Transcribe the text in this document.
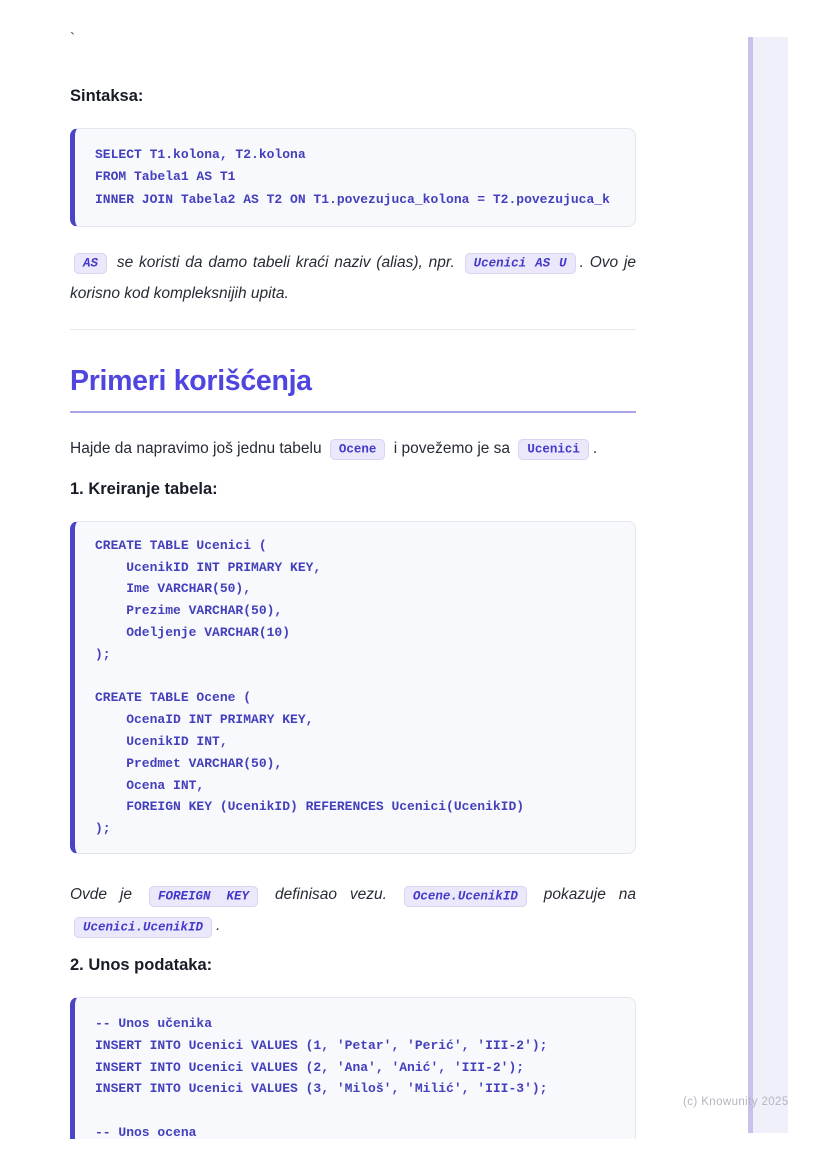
(c) Knowunity 2025
`
Sintaksa:
SELECT T1.kolona, T2.kolona
FROM Tabela1 AS T1
INNER JOIN Tabela2 AS T2 ON T1.povezujuca_kolona = T2.povezujuca_k
AS se koristi da damo tabeli kraći naziv (alias), npr. Ucenici AS U . Ovo je korisno kod kompleksnijih upita.
Primeri korišćenja
Hajde da napravimo još jednu tabelu Ocene i povežemo je sa Ucenici .
1. Kreiranje tabela:
CREATE TABLE Ucenici (
UcenikID INT PRIMARY KEY,
Ime VARCHAR(50),
Prezime VARCHAR(50),
Odeljenje VARCHAR(10)
);

CREATE TABLE Ocene (
OcenaID INT PRIMARY KEY,
UcenikID INT,
Predmet VARCHAR(50),
Ocena INT,
FOREIGN KEY (UcenikID) REFERENCES Ucenici(UcenikID)
);
Ovde je FOREIGN KEY definisao vezu. Ocene.UcenikID pokazuje na Ucenici.UcenikID .
2. Unos podataka:
-- Unos učenika
INSERT INTO Ucenici VALUES (1, 'Petar', 'Perić', 'III-2');
INSERT INTO Ucenici VALUES (2, 'Ana', 'Anić', 'III-2');
INSERT INTO Ucenici VALUES (3, 'Miloš', 'Milić', 'III-3');

-- Unos ocena
